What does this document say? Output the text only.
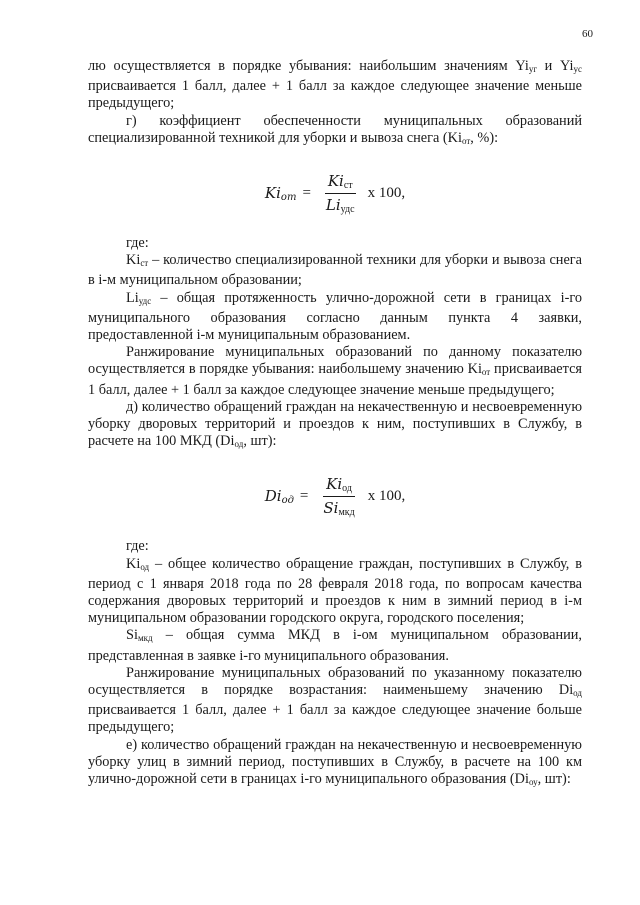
60

лю осуществляется в порядке убывания: наибольшим значениям $Yi_{уг}$ и $Yi_{ус}$ присваивается 1 балл, далее + 1 балл за каждое следующее значение меньше предыдущего;

г) коэффициент обеспеченности муниципальных образований специализированной техникой для уборки и вывоза снега ($Ki_{от}$, %):

$Ki_{от} = \frac{Ki_{ст}}{Li_{удс}}$ x 100,

где:

$Ki_{ст}$ – количество специализированной техники для уборки и вывоза снега в i-м муниципальном образовании;

$Li_{удс}$ – общая протяженность улично-дорожной сети в границах i-го муниципального образования согласно данным пункта 4 заявки, предоставленной i-м муниципальным образованием.

Ранжирование муниципальных образований по данному показателю осуществляется в порядке убывания: наибольшему значению $Ki_{от}$ присваивается 1 балл, далее + 1 балл за каждое следующее значение меньше предыдущего;

д) количество обращений граждан на некачественную и несвоевременную уборку дворовых территорий и проездов к ним, поступивших в Службу, в расчете на 100 МКД ($Di_{од}$, шт):

$Di_{од} = \frac{Ki_{од}}{Si_{мкд}}$ x 100,

где:

$Ki_{од}$ – общее количество обращение граждан, поступивших в Службу, в период с 1 января 2018 года по 28 февраля 2018 года, по вопросам качества содержания дворовых территорий и проездов к ним в зимний период в i-м муниципальном образовании городского округа, городского поселения;

$Si_{мкд}$ – общая сумма МКД в i-ом муниципальном образовании, представленная в заявке i-го муниципального образования.

Ранжирование муниципальных образований по указанному показателю осуществляется в порядке возрастания: наименьшему значению $Di_{од}$ присваивается 1 балл, далее + 1 балл за каждое следующее значение больше предыдущего;

е) количество обращений граждан на некачественную и несвоевременную уборку улиц в зимний период, поступивших в Службу, в расчете на 100 км улично-дорожной сети в границах i-го муниципального образования ($Di_{оу}$, шт):
